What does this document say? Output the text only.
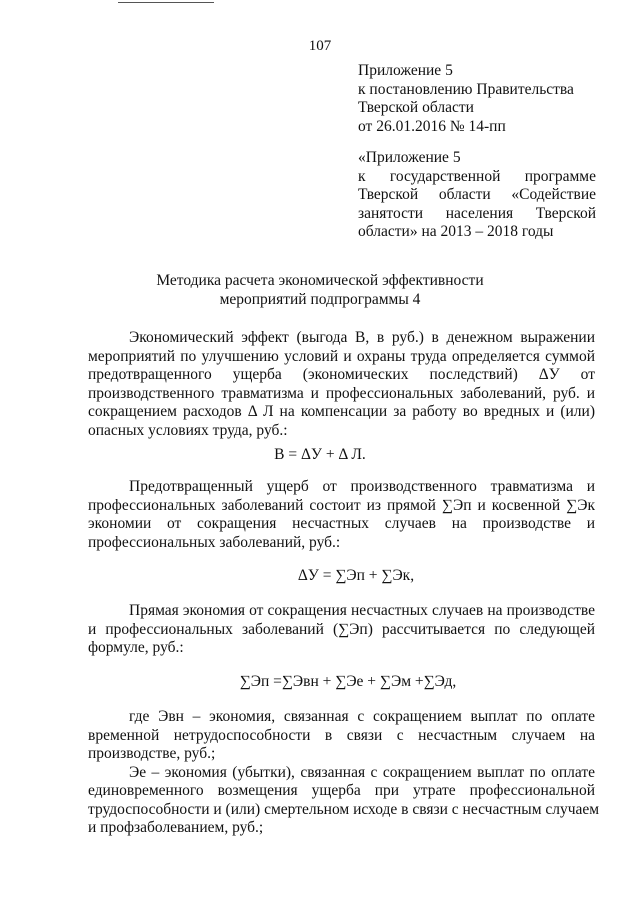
107
Приложение 5
к постановлению Правительства
Тверской области
от 26.01.2016 № 14-пп
«Приложение 5
к государственной программе
Тверской области «Содействие
занятости населения Тверской
области» на 2013 – 2018 годы
Методика расчета экономической эффективности
мероприятий подпрограммы 4
Экономический эффект (выгода В, в руб.) в денежном выражении
мероприятий по улучшению условий и охраны труда определяется суммой
предотвращенного ущерба (экономических последствий) ΔУ от
производственного травматизма и профессиональных заболеваний, руб. и
сокращением расходов Δ Л на компенсации за работу во вредных и (или)
опасных условиях труда, руб.:
В = ΔУ + Δ Л.
Предотвращенный ущерб от производственного травматизма и
профессиональных заболеваний состоит из прямой ∑Эп и косвенной ∑Эк
экономии от сокращения несчастных случаев на производстве и
профессиональных заболеваний, руб.:
ΔУ = ∑Эп + ∑Эк,
Прямая экономия от сокращения несчастных случаев на производстве
и профессиональных заболеваний (∑Эп) рассчитывается по следующей
формуле, руб.:
∑Эп =∑Эвн + ∑Эе + ∑Эм +∑Эд,
где Эвн – экономия, связанная с сокращением выплат по оплате
временной нетрудоспособности в связи с несчастным случаем на
производстве, руб.;
Эе – экономия (убытки), связанная с сокращением выплат по оплате
единовременного возмещения ущерба при утрате профессиональной
трудоспособности и (или) смертельном исходе в связи с несчастным случаем
и профзаболеванием, руб.;
